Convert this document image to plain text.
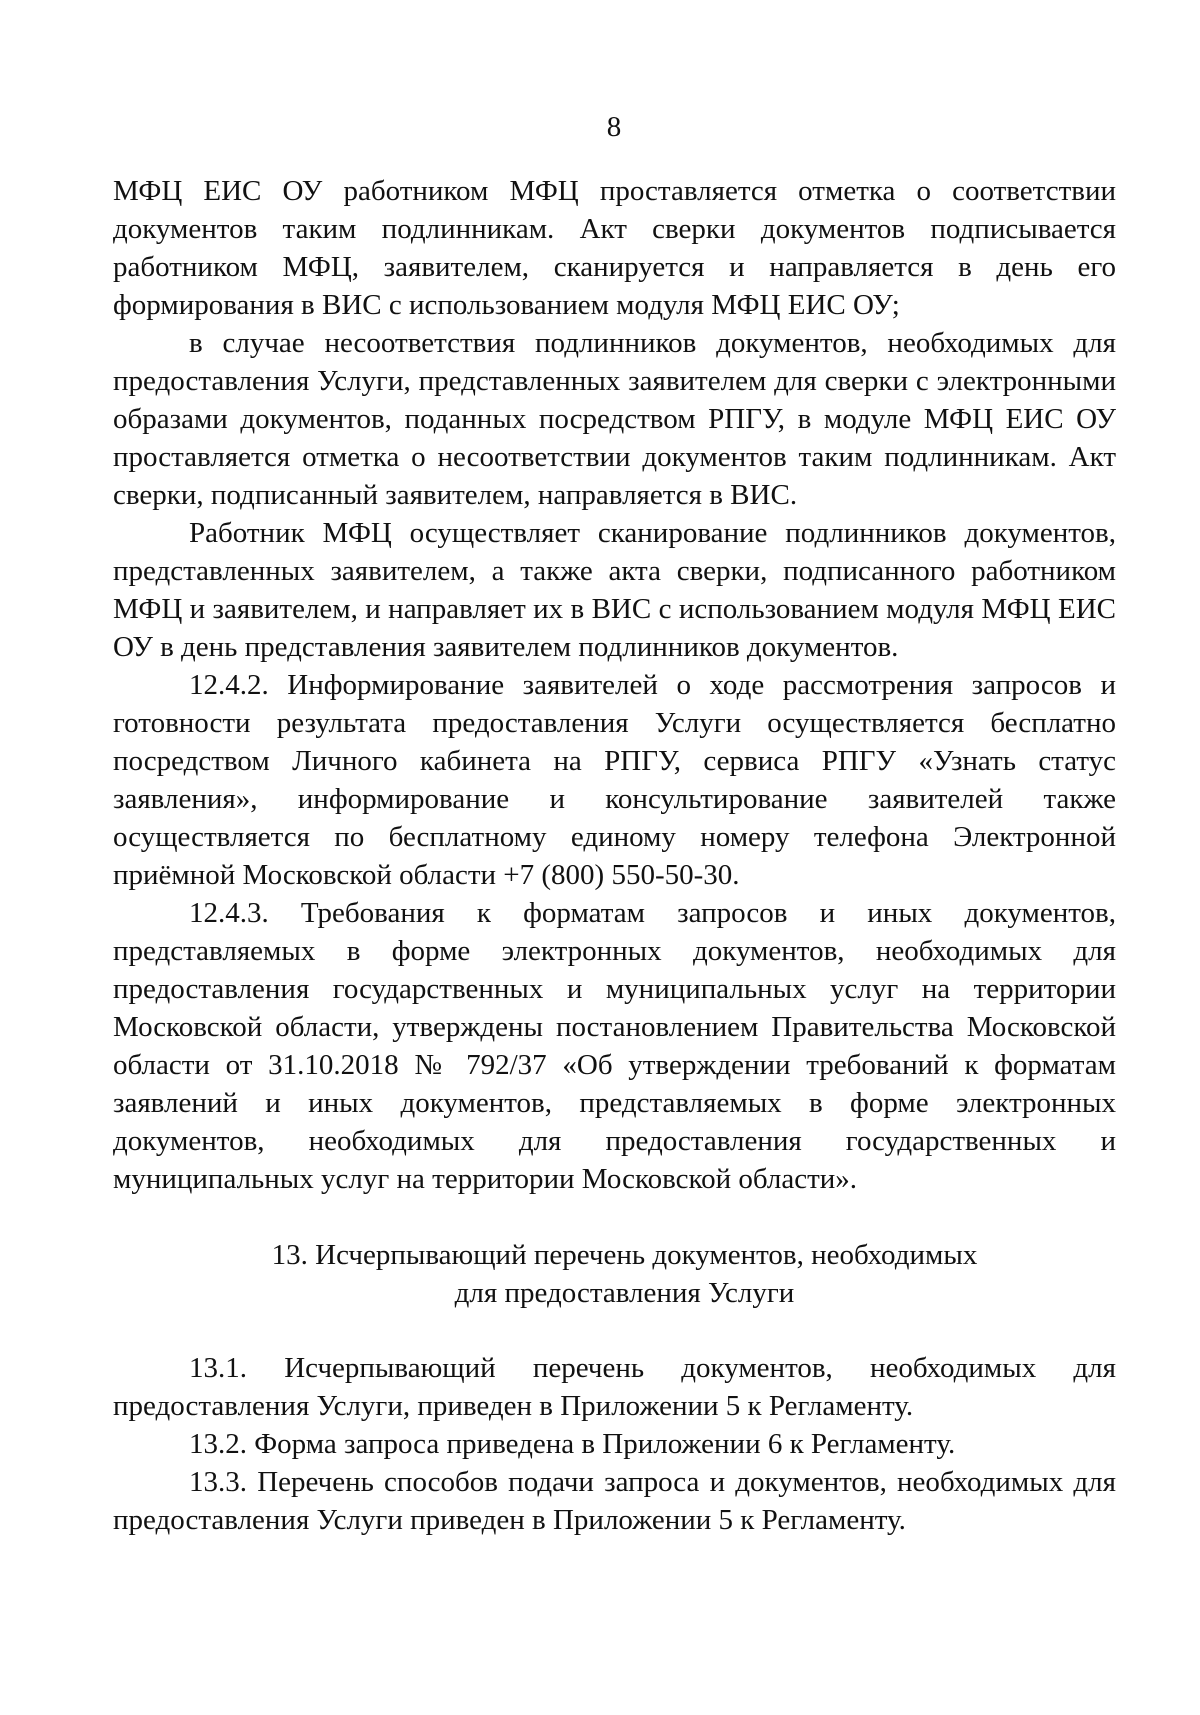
8

МФЦ ЕИС ОУ работником МФЦ проставляется отметка о соответствии документов таким подлинникам. Акт сверки документов подписывается работником МФЦ, заявителем, сканируется и направляется в день его формирования в ВИС с использованием модуля МФЦ ЕИС ОУ;

в случае несоответствия подлинников документов, необходимых для предоставления Услуги, представленных заявителем для сверки с электронными образами документов, поданных посредством РПГУ, в модуле МФЦ ЕИС ОУ проставляется отметка о несоответствии документов таким подлинникам. Акт сверки, подписанный заявителем, направляется в ВИС.

Работник МФЦ осуществляет сканирование подлинников документов, представленных заявителем, а также акта сверки, подписанного работником МФЦ и заявителем, и направляет их в ВИС с использованием модуля МФЦ ЕИС ОУ в день представления заявителем подлинников документов.

12.4.2. Информирование заявителей о ходе рассмотрения запросов и готовности результата предоставления Услуги осуществляется бесплатно посредством Личного кабинета на РПГУ, сервиса РПГУ «Узнать статус заявления», информирование и консультирование заявителей также осуществляется по бесплатному единому номеру телефона Электронной приёмной Московской области +7 (800) 550-50-30.

12.4.3. Требования к форматам запросов и иных документов, представляемых в форме электронных документов, необходимых для предоставления государственных и муниципальных услуг на территории Московской области, утверждены постановлением Правительства Московской области от 31.10.2018 № 792/37 «Об утверждении требований к форматам заявлений и иных документов, представляемых в форме электронных документов, необходимых для предоставления государственных и муниципальных услуг на территории Московской области».

13. Исчерпывающий перечень документов, необходимых
для предоставления Услуги

13.1. Исчерпывающий перечень документов, необходимых для предоставления Услуги, приведен в Приложении 5 к Регламенту.

13.2. Форма запроса приведена в Приложении 6 к Регламенту.

13.3. Перечень способов подачи запроса и документов, необходимых для предоставления Услуги приведен в Приложении 5 к Регламенту.
